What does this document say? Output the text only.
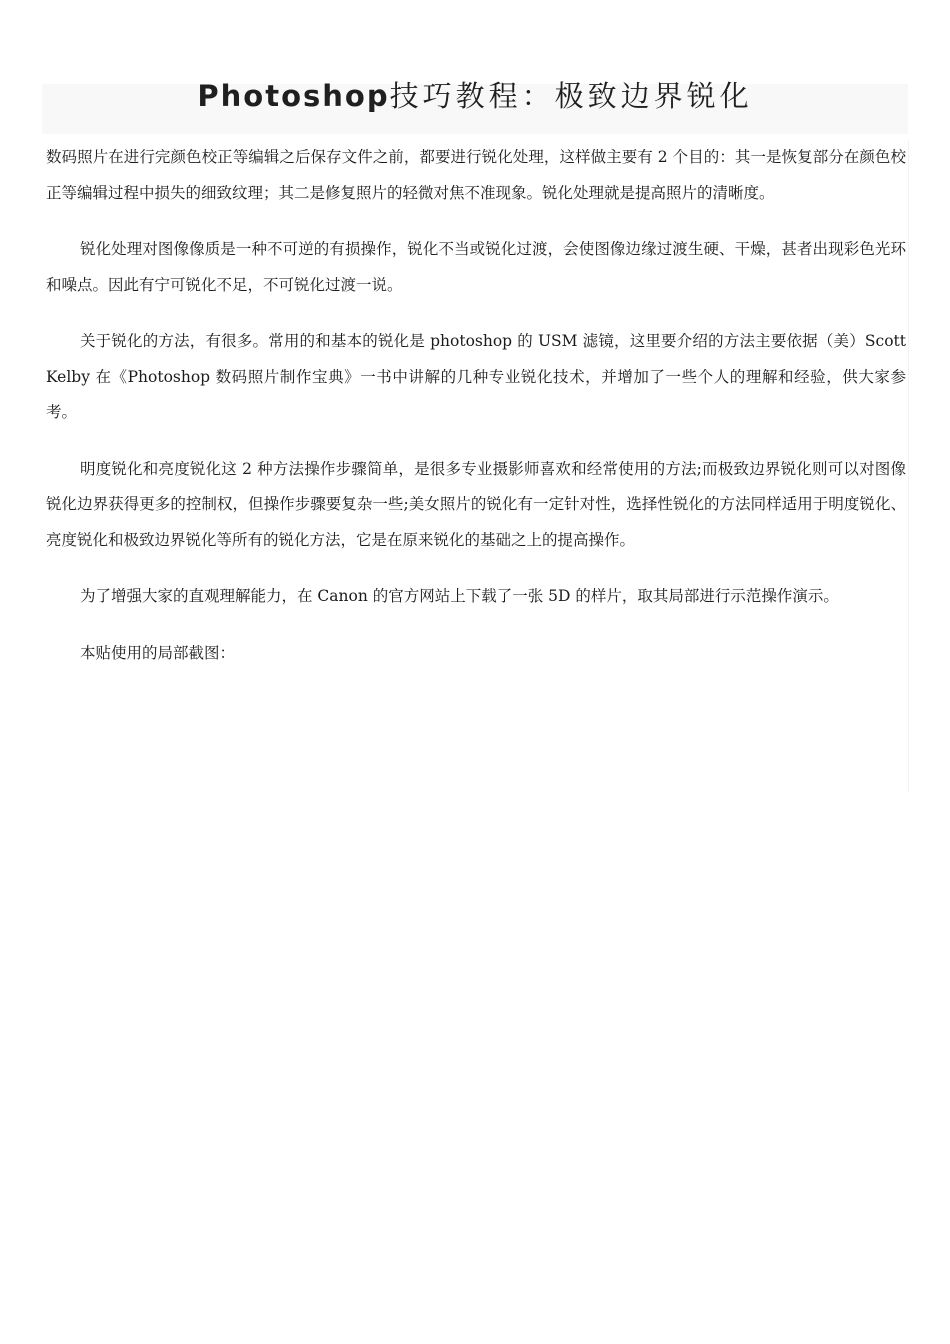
Photoshop技巧教程：极致边界锐化

数码照片在进行完颜色校正等编辑之后保存文件之前，都要进行锐化处理，这样做主要有 2 个目的：其一是恢复部分在颜色校正等编辑过程中损失的细致纹理；其二是修复照片的轻微对焦不准现象。锐化处理就是提高照片的清晰度。

锐化处理对图像像质是一种不可逆的有损操作，锐化不当或锐化过渡，会使图像边缘过渡生硬、干燥，甚者出现彩色光环和噪点。因此有宁可锐化不足，不可锐化过渡一说。

关于锐化的方法，有很多。常用的和基本的锐化是 photoshop 的 USM 滤镜，这里要介绍的方法主要依据（美）Scott Kelby 在《Photoshop 数码照片制作宝典》一书中讲解的几种专业锐化技术，并增加了一些个人的理解和经验，供大家参考。

明度锐化和亮度锐化这 2 种方法操作步骤简单，是很多专业摄影师喜欢和经常使用的方法;而极致边界锐化则可以对图像锐化边界获得更多的控制权，但操作步骤要复杂一些;美女照片的锐化有一定针对性，选择性锐化的方法同样适用于明度锐化、亮度锐化和极致边界锐化等所有的锐化方法，它是在原来锐化的基础之上的提高操作。

为了增强大家的直观理解能力，在 Canon 的官方网站上下载了一张 5D 的样片，取其局部进行示范操作演示。

本贴使用的局部截图：
